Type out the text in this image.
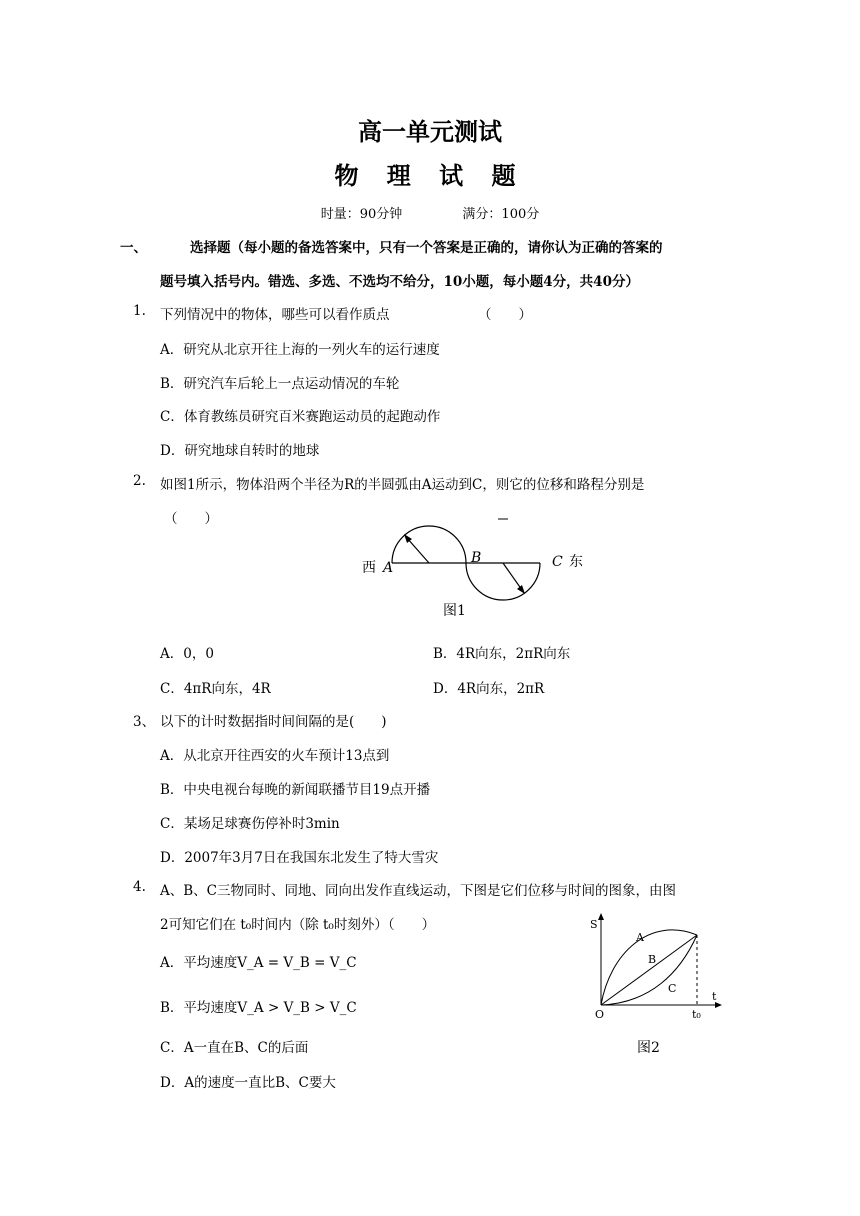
高一单元测试
物 理 试 题
时量：90分钟	满分：100分
一、	选择题（每小题的备选答案中，只有一个答案是正确的，请你认为正确的答案的
题号填入括号内。错选、多选、不选均不给分，10小题，每小题4分，共40分）
1. 下列情况中的物体，哪些可以看作质点	（　　）
A．研究从北京开往上海的一列火车的运行速度
B．研究汽车后轮上一点运动情况的车轮
C．体育教练员研究百米赛跑运动员的起跑动作
D．研究地球自转时的地球
2. 如图1所示，物体沿两个半径为R的半圆弧由A运动到C，则它的位移和路程分别是
（　　）
西 A
B	C 东
图1
A．0，0	B．4R向东，2πR向东
C．4πR向东，4R	D．4R向东，2πR
3、 以下的计时数据指时间间隔的是(　　)
A．从北京开往西安的火车预计13点到
B．中央电视台每晚的新闻联播节目19点开播
C．某场足球赛伤停补时3min
D．2007年3月7日在我国东北发生了特大雪灾
4. A、B、C三物同时、同地、同向出发作直线运动，下图是它们位移与时间的图象，由图
2可知它们在 t₀时间内（除 t₀时刻外）（　　）
A．平均速度V_A = V_B = V_C
B．平均速度V_A > V_B > V_C
C．A一直在B、C的后面
D．A的速度一直比B、C要大
S
t
O	t₀
A
B
C
图2
